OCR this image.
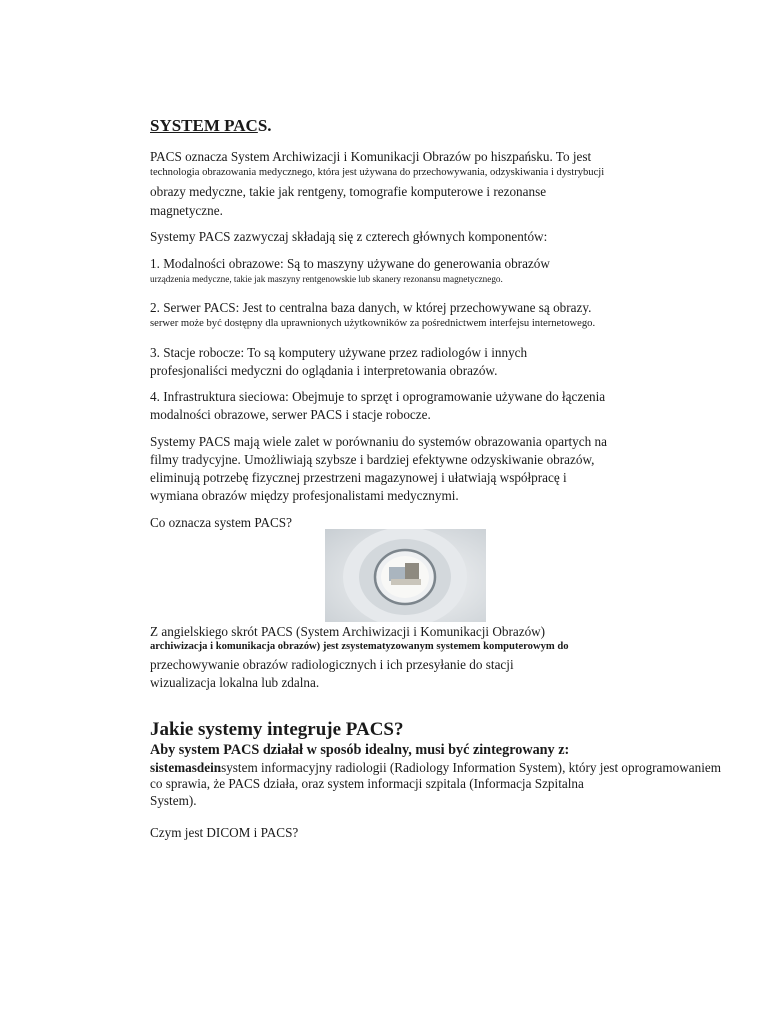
SYSTEM PACS.
PACS oznacza System Archiwizacji i Komunikacji Obrazów po hiszpańsku. To jest
technologia obrazowania medycznego, która jest używana do przechowywania, odzyskiwania i dystrybucji
obrazy medyczne, takie jak rentgeny, tomografie komputerowe i rezonanse
magnetyczne.
Systemy PACS zazwyczaj składają się z czterech głównych komponentów:
1. Modalności obrazowe: Są to maszyny używane do generowania obrazów
urządzenia medyczne, takie jak maszyny rentgenowskie lub skanery rezonansu magnetycznego.
2. Serwer PACS: Jest to centralna baza danych, w której przechowywane są obrazy.
serwer może być dostępny dla uprawnionych użytkowników za pośrednictwem interfejsu internetowego.
3. Stacje robocze: To są komputery używane przez radiologów i innych
profesjonaliści medyczni do oglądania i interpretowania obrazów.
4. Infrastruktura sieciowa: Obejmuje to sprzęt i oprogramowanie używane do łączenia
modalności obrazowe, serwer PACS i stacje robocze.
Systemy PACS mają wiele zalet w porównaniu do systemów obrazowania opartych na
filmy tradycyjne. Umożliwiają szybsze i bardziej efektywne odzyskiwanie obrazów,
eliminują potrzebę fizycznej przestrzeni magazynowej i ułatwiają współpracę i
wymiana obrazów między profesjonalistami medycznymi.
Co oznacza system PACS?
Z angielskiego skrót PACS (System Archiwizacji i Komunikacji Obrazów)
archiwizacja i komunikacja obrazów) jest zsystematyzowanym systemem komputerowym do
przechowywanie obrazów radiologicznych i ich przesyłanie do stacji
wizualizacja lokalna lub zdalna.
Jakie systemy integruje PACS?
Aby system PACS działał w sposób idealny, musi być zintegrowany z:
sistemasdeinsystem informacyjny radiologii (Radiology Information System), który jest oprogramowaniem
co sprawia, że PACS działa, oraz system informacji szpitala (Informacja Szpitalna
System).
Czym jest DICOM i PACS?
